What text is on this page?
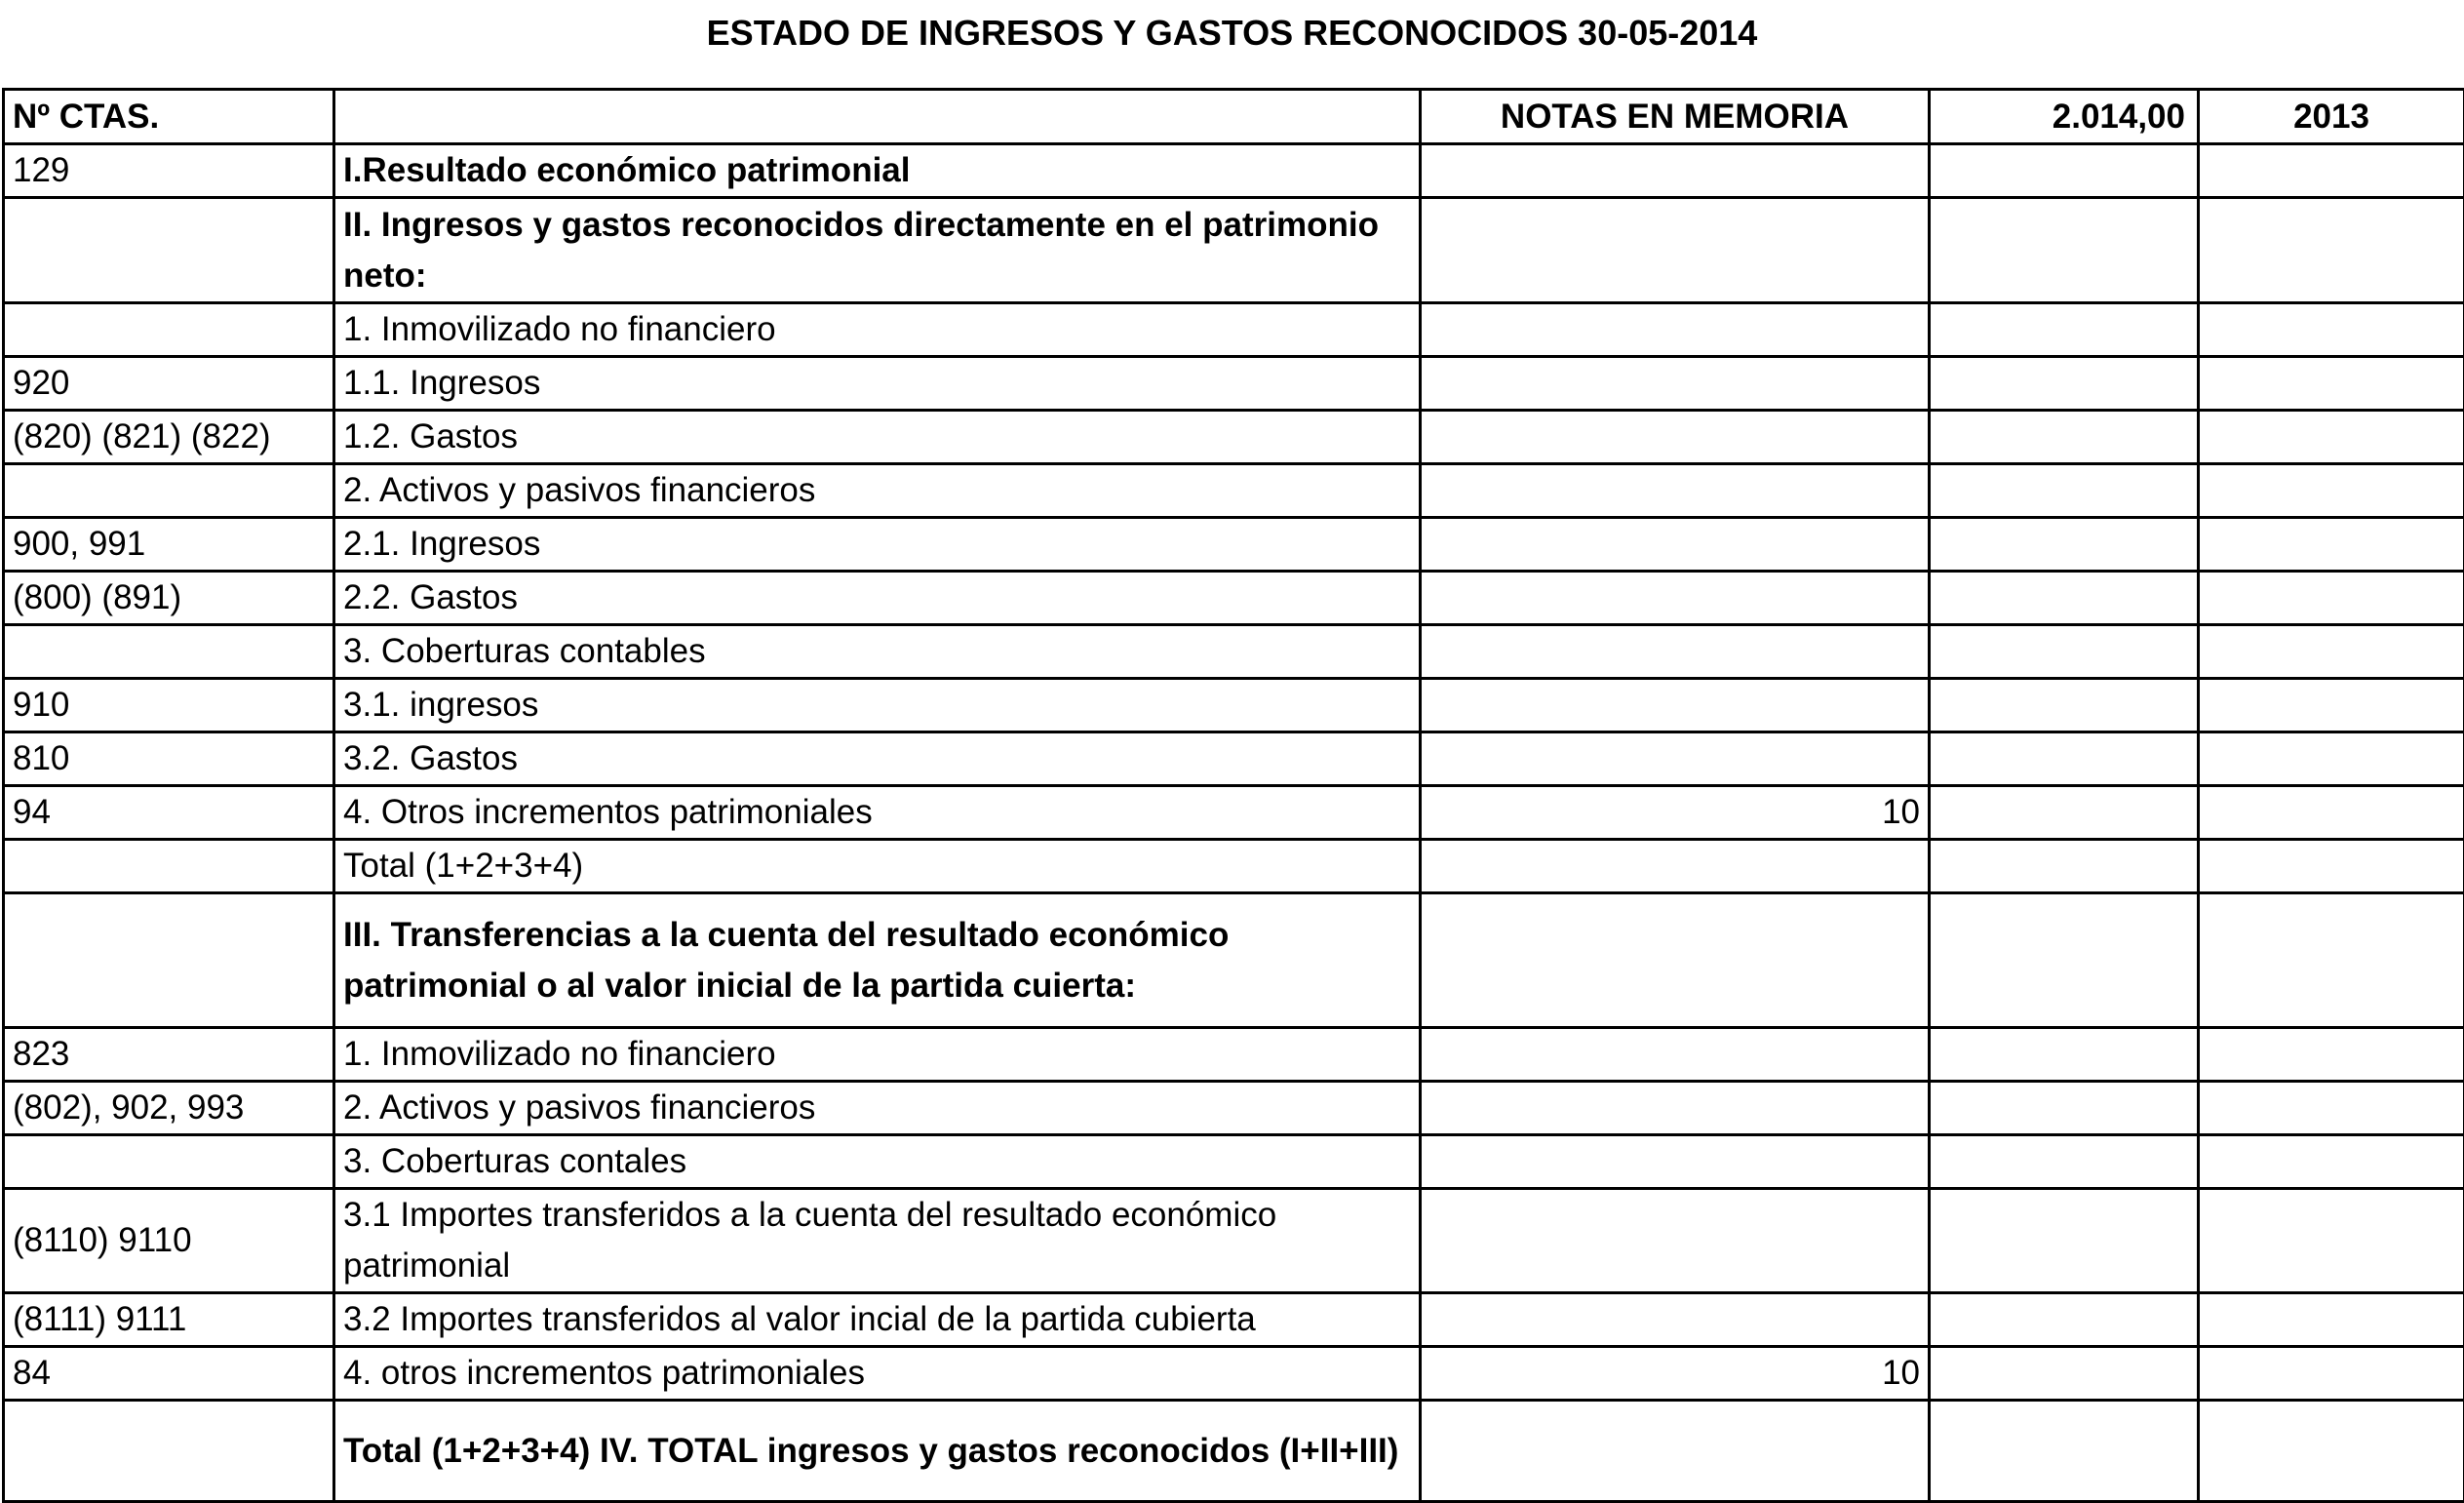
ESTADO DE INGRESOS Y GASTOS RECONOCIDOS 30-05-2014
Nº CTAS.		NOTAS EN MEMORIA	2.014,00	2013
129	I.Resultado económico patrimonial			
	II. Ingresos y gastos reconocidos directamente en el patrimonio neto:			
	1. Inmovilizado no financiero			
920	1.1. Ingresos			
(820) (821) (822)	1.2. Gastos			
	2. Activos y pasivos financieros			
900, 991	2.1. Ingresos			
(800) (891)	2.2. Gastos			
	3. Coberturas contables			
910	3.1. ingresos			
810	3.2. Gastos			
94	4. Otros incrementos patrimoniales	10		
	Total (1+2+3+4)			
	III. Transferencias a la cuenta del resultado económico patrimonial o al valor inicial de la partida cuierta:			
823	1. Inmovilizado no financiero			
(802), 902, 993	2. Activos y pasivos financieros			
	3. Coberturas contales			
(8110) 9110	3.1 Importes transferidos a la cuenta del resultado económico patrimonial			
(8111) 9111	3.2 Importes transferidos al valor incial de la partida cubierta			
84	4. otros incrementos patrimoniales	10		
	Total (1+2+3+4) IV. TOTAL ingresos y gastos reconocidos (I+II+III)			
